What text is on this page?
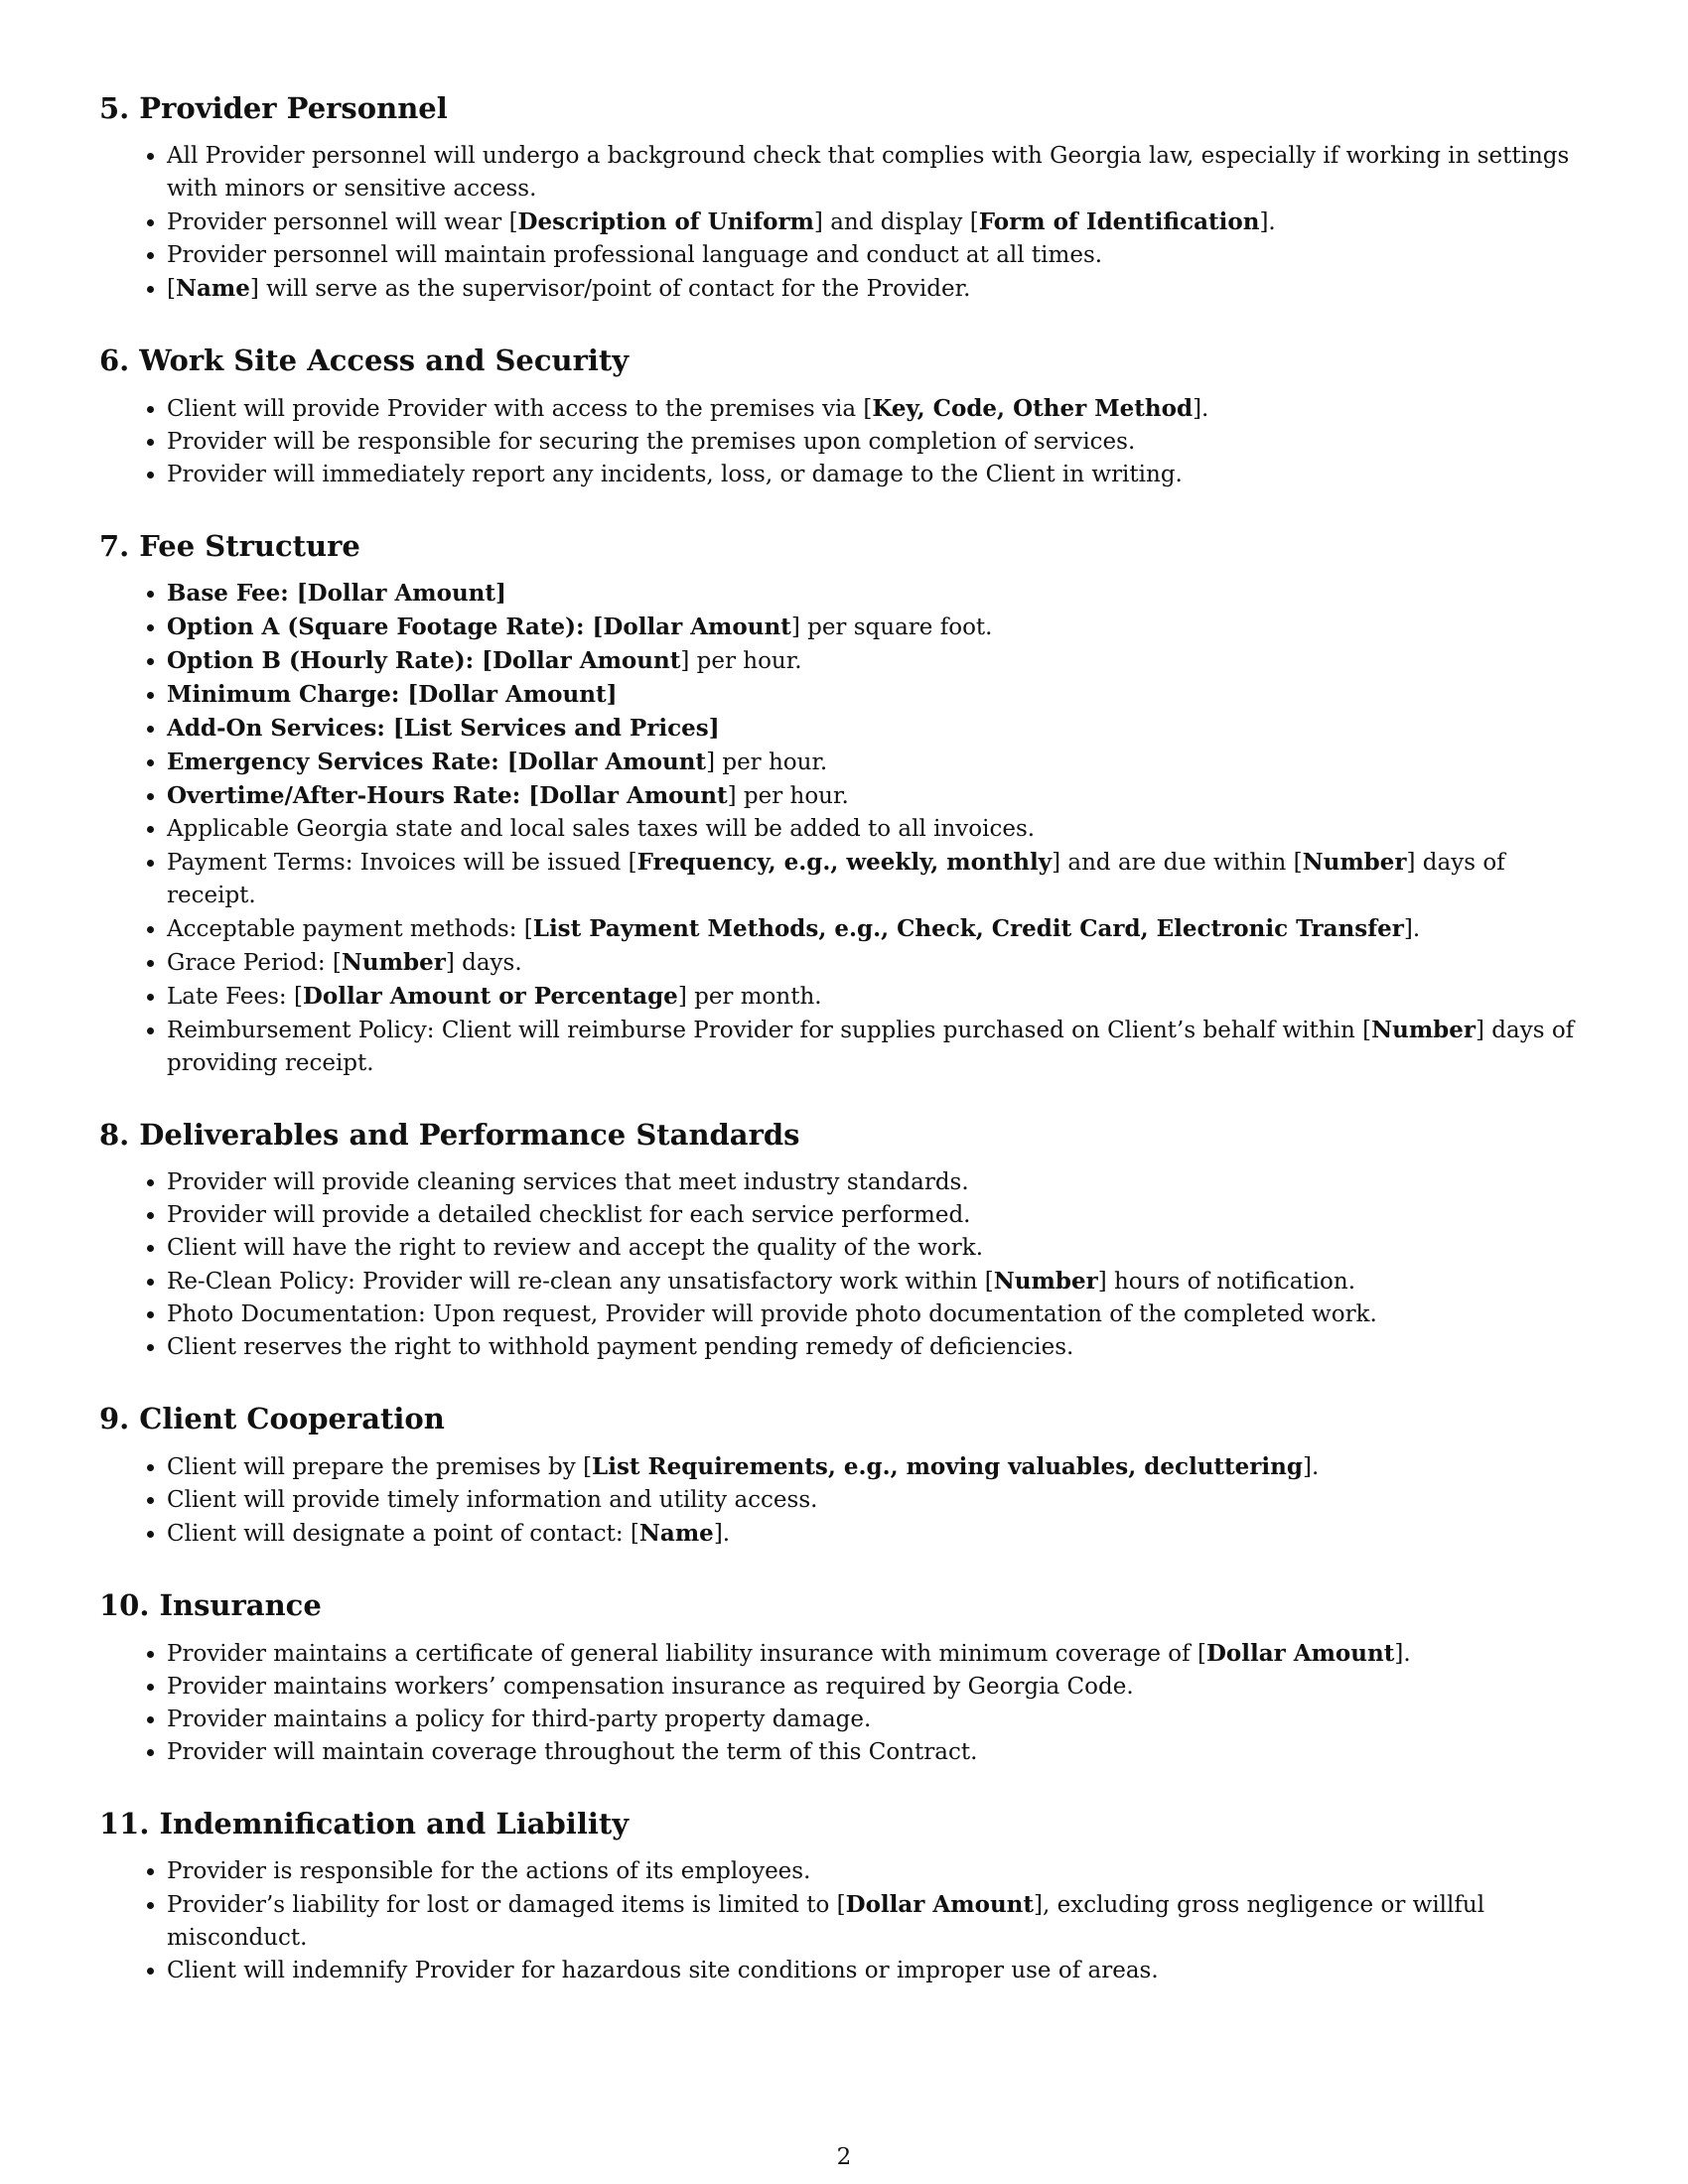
5. Provider Personnel
• All Provider personnel will undergo a background check that complies with Georgia law, especially if working in settings with minors or sensitive access.
• Provider personnel will wear [Description of Uniform] and display [Form of Identification].
• Provider personnel will maintain professional language and conduct at all times.
• [Name] will serve as the supervisor/point of contact for the Provider.
6. Work Site Access and Security
• Client will provide Provider with access to the premises via [Key, Code, Other Method].
• Provider will be responsible for securing the premises upon completion of services.
• Provider will immediately report any incidents, loss, or damage to the Client in writing.
7. Fee Structure
• Base Fee: [Dollar Amount]
• Option A (Square Footage Rate): [Dollar Amount] per square foot.
• Option B (Hourly Rate): [Dollar Amount] per hour.
• Minimum Charge: [Dollar Amount]
• Add-On Services: [List Services and Prices]
• Emergency Services Rate: [Dollar Amount] per hour.
• Overtime/After-Hours Rate: [Dollar Amount] per hour.
• Applicable Georgia state and local sales taxes will be added to all invoices.
• Payment Terms: Invoices will be issued [Frequency, e.g., weekly, monthly] and are due within [Number] days of receipt.
• Acceptable payment methods: [List Payment Methods, e.g., Check, Credit Card, Electronic Transfer].
• Grace Period: [Number] days.
• Late Fees: [Dollar Amount or Percentage] per month.
• Reimbursement Policy: Client will reimburse Provider for supplies purchased on Client’s behalf within [Number] days of providing receipt.
8. Deliverables and Performance Standards
• Provider will provide cleaning services that meet industry standards.
• Provider will provide a detailed checklist for each service performed.
• Client will have the right to review and accept the quality of the work.
• Re-Clean Policy: Provider will re-clean any unsatisfactory work within [Number] hours of notification.
• Photo Documentation: Upon request, Provider will provide photo documentation of the completed work.
• Client reserves the right to withhold payment pending remedy of deficiencies.
9. Client Cooperation
• Client will prepare the premises by [List Requirements, e.g., moving valuables, decluttering].
• Client will provide timely information and utility access.
• Client will designate a point of contact: [Name].
10. Insurance
• Provider maintains a certificate of general liability insurance with minimum coverage of [Dollar Amount].
• Provider maintains workers’ compensation insurance as required by Georgia Code.
• Provider maintains a policy for third-party property damage.
• Provider will maintain coverage throughout the term of this Contract.
11. Indemnification and Liability
• Provider is responsible for the actions of its employees.
• Provider’s liability for lost or damaged items is limited to [Dollar Amount], excluding gross negligence or willful misconduct.
• Client will indemnify Provider for hazardous site conditions or improper use of areas.
2
